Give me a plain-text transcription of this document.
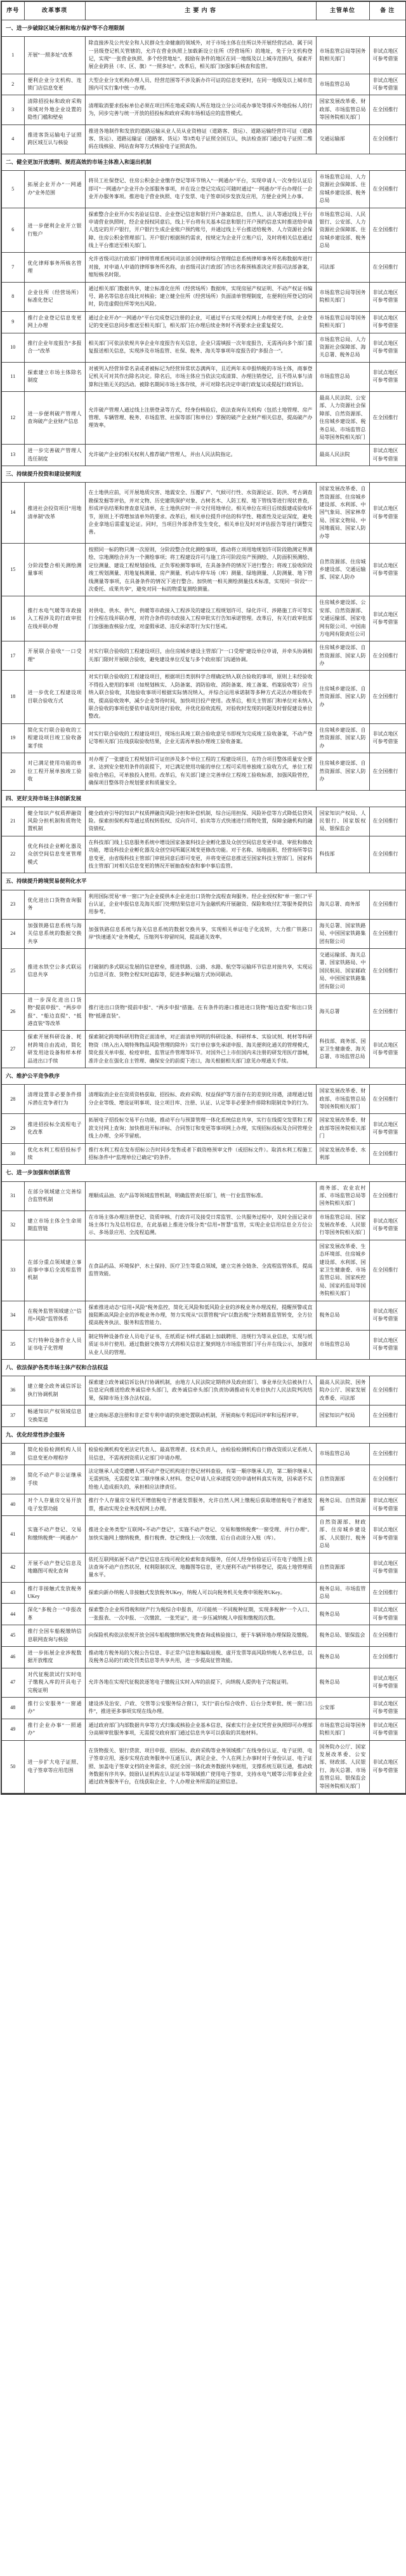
序号	改革事项	主 要 内 容	主管单位	备 注
一、进一步破除区域分割和地方保护等不合理限制				
1	开展“一照多址”改革	除直接涉及公共安全和人民群众生命健康的领域外，对于市场主体在住所以外开展经营活动、属于同一县级登记机关管辖的，允许在营业执照上加载新设立住所（经营场所）的地址，免于分支机构登记，实现“一张营业执照、多个经营地址”。鼓励有条件的地区在同一地级及以上城市范围内，探索开展企业跨县（市、区、旗）“一照多址”。改革后，相关部门加强事后核查和监管。	市场监管总局等国务院相关部门	非试点地区可参考借鉴
2	便利企业分支机构、连锁门店信息变更	大型企业分支机构办理人员、经营范围等不涉及新办许可证的信息变更时，在同一地级及以上城市范围内可实行集中统一办理。	市场监管总局	非试点地区可参考借鉴
3	清除招投标和政府采购领域对外地企业设置的隐性门槛和壁垒	清理取消要求投标单位必须在项目所在地或采购人所在地设立分公司或办事处等排斥外地投标人的行为，同步完善与统一开放的招投标和政府采购市场相适应的监管模式。	国家发展改革委、财政部、市场监管总局等国务院相关部门	在全国推行
4	推进客货运输电子证照跨区域互认与核验	推进各地制作和发放的道路运输从业人员从业资格证（道路客、货运）、道路运输经营许可证（道路客、货运）、道路运输证（道路客、货运）等3类电子证照全国互认，执法检查部门通过电子证照二维码在线核验、网站查询等方式核验电子证照真伪。	交通运输部	在全国推行
二、健全更加开放透明、规范高效的市场主体准入和退出机制				
5	拓展企业开办“一网通办”业务范围	将员工社保登记、住房公积金企业缴存登记等环节纳入“一网通办”平台，实现申请人一次身份认证后即可“一网通办”企业开办全部服务事项，并在设立登记完成后可随时通过“一网通办”平台办理任一企业开办服务事项。推进电子营业执照、电子发票、电子签章同步发放及应用，方便企业网上办事。	市场监管总局、人力资源社会保障部、住房城乡建设部、税务总局	在全国推行
6	进一步便利企业开立银行账户	探索整合企业开办实名验证信息、企业登记信息和银行开户备案信息，自然人、法人等通过线上平台申请营业执照时，经企业授权同意后，线上平台将有关基本信息和银行开户预约信息实时推送给申请人选定的开户银行，开户银行生成企业账户预约账号，并通过线上平台推送给税务、人力资源社会保障、住房公积金管理部门。开户银行根据预约需求，按规定为企业开立账户后，及时将相关信息通过线上平台推送至相关部门。	市场监管总局、人民银行、公安部、人力资源社会保障部、住房城乡建设部、税务总局	在全国推行
7	优化律师事务所核名管理	允许省级司法行政部门律师管理系统同司法部全国律师综合管理信息系统律师事务所名称数据库进行对接，对申请人申请的律师事务所名称，由省级司法行政部门作出名称预核准决定并报司法部备案，缩短核名时限。	司法部	在全国推行
8	企业住所（经营场所）标准化登记	通过相关部门数据共享，建立标准化住所（经营场所）数据库，实现房屋产权证明、不动产权证书编号、路名等信息在线比对核验；建立健全住所（经营场所）负面清单管理制度，在便利住所登记的同时，防范虚假住所等突出风险。	市场监管总局等国务院相关部门	非试点地区可参考借鉴
9	推行企业登记信息变更网上办理	通过企业开办“一网通办”平台完成登记注册的企业，可通过平台实现全程网上办理变更手续，企业登记的变更信息同步推送至相关部门，相关部门在办理后续业务时不再要求企业重复提交。	市场监管总局等国务院相关部门	非试点地区可参考借鉴
10	推行企业年度报告“多报合一”改革	相关部门可依法依规共享企业年度报告有关信息，企业只需填报一次年度报告，无需再向多个部门重复报送相关信息，实现涉及市场监管、社保、税务、海关等事项年度报告的“多报合一”。	市场监管总局、人力资源社会保障部、海关总署、税务总局	非试点地区可参考借鉴
11	探索建立市场主体除名制度	对被列入经营异常名录或者被标记为经营异常状态满两年，且近两年未申报纳税的市场主体，商事登记机关可对其作出除名决定。除名后，市场主体应当依法完成清算、办理注销登记，且不得从事与清算和注销无关的活动。被除名期间市场主体存续，并可对除名决定申请行政复议或提起行政诉讼。	市场监管总局	非试点地区可参考借鉴
12	进一步便利破产管理人查询破产企业财产信息	允许破产管理人通过线上注册登录等方式，经身份核验后，依法查询有关机构（包括土地管理、房产管理、车辆管理、税务、市场监管、社保等部门和单位）掌握的破产企业财产相关信息，提高破产办理效率。	最高人民法院、公安部、人力资源社会保障部、自然资源部、住房城乡建设部、税务总局、市场监管总局等国务院相关部门	在全国推行
13	进一步完善破产管理人选任制度	允许破产企业的相关权利人推荐破产管理人，并由人民法院指定。	最高人民法院	非试点地区可参考借鉴
三、持续提升投资和建设便利度				
14	推进社会投资项目“用地清单制”改革	在土地供应前，可开展地质灾害、地震安全、压覆矿产、气候可行性、水资源论证、防洪、考古调查勘探发掘等评估，并对文物、历史建筑保护对象、古树名木、人防工程、地下管线等进行现状普查，形成评估结果和普查意见清单，在土地供应时一并交付用地单位。相关单位在项目后续报建或验收环节，原则上不得增加清单外的要求。改革后，相关单位提升评估的科学性、精准性及论证深度，避免企业拿地后需重复论证。同时，当项目外部条件发生变化，相关单位及时对评估报告等进行调整完善。	国家发展改革委、自然资源部、住房城乡建设部、水利部、中国气象局、国家林草局、国家文物局、中国地震局、国家人防办等	非试点地区可参考借鉴
15	分阶段整合相关测绘测量事项	按照同一标的物只测一次原则，分阶段整合优化测绘事项，推动将立项用地规划许可阶段勘测定界测绘、宗地测绘合并为一个测绘事项；将工程建设许可与施工许可阶段房产预测绘、人防面积预测绘、定位测量、建设工程规划验线、正负零检测等事项，在具备条件的情况下进行整合；将竣工验收阶段竣工规划测量、用地复核测量、房产测量、机动车停车场（库）测量、绿地测量、人防测量、地下管线测量等事项，在具备条件的情况下进行整合。加快统一相关测绘测量技术标准，实现同一阶段“一次委托、成果共享”，避免对同一标的物重复测绘测量。	自然资源部、住房城乡建设部、交通运输部、国家人防办	非试点地区可参考借鉴
16	推行水电气暖等市政接入工程涉及的行政审批在线并联办理	对供电、供水、供气、供暖等市政接入工程涉及的建设工程规划许可、绿化许可、涉路施工许可等实行全程在线并联办理，对符合条件的市政接入工程审批实行告知承诺管理。改革后，有关行政审批部门加强抽查核验力度，对虚假承诺、违反承诺等行为实行惩戒。	住房城乡建设部、公安部、自然资源部、交通运输部、国家电网有限公司、中国南方电网有限责任公司	非试点地区可参考借鉴
17	开展联合验收“一口受理”	对实行联合验收的工程建设项目，由住房城乡建设主管部门“一口受理”建设单位申请，并牵头协调相关部门限时开展联合验收，避免建设单位反复与多个政府部门沟通协调。	住房城乡建设部、自然资源部、国家人防办	在全国推行
18	进一步优化工程建设项目联合验收方式	对实行联合验收的工程建设项目，根据项目类别科学合理确定纳入联合验收的事项，原则上未经验收不得投入使用的事项（如规划核实、人防备案、消防验收、消防备案、竣工备案、档案验收等）应当纳入联合验收，其他验收事项可根据实际情况纳入，并综合运用承诺制等多种方式灵活办理验收手续，提高验收效率，减少企业等待时间，加快项目投产使用。改革后，相关主管部门和单位对未纳入联合验收的事项也要依申请及时进行验收，并优化验收流程，对验收时发现的问题及时督促建设单位整改。	住房城乡建设部、自然资源部、国家人防办	在全国推行
19	简化实行联合验收的工程建设项目竣工验收备案手续	对实行联合验收的工程建设项目，现场出具竣工联合验收意见书即视为完成竣工验收备案，不动产登记等相关部门在线获取验收结果，企业无需再单独办理竣工验收备案。	住房城乡建设部、自然资源部、国家人防办	非试点地区可参考借鉴
20	对已满足使用功能的单位工程开展单独竣工验收	对办理了一张建设工程规划许可证但涉及多个单位工程的工程建设项目，在符合项目整体质量安全要求、达到安全使用条件的前提下，对已满足使用功能的单位工程可采用单独竣工验收方式，单位工程验收合格后，可单独投入使用。改革后，有关部门建立完善单位工程竣工验收标准，加强风险管控，确保项目整体符合规划要求和质量安全。	住房城乡建设部、自然资源部、国家人防办	在全国推行
四、更好支持市场主体创新发展				
21	健全知识产权质押融资风险分担机制和质物处置机制	健全政府引导的知识产权质押融资风险分担和补偿机制，综合运用担保、风险补偿等方式降低信贷风险。探索担保机构等通过质权转股权、反向许可、拍卖等方式快速进行质物处置，保障金融机构的融资债权。	国家知识产权局、人民银行、国家版权局、银保监会	在全国推行
22	优化科技企业孵化器及众创空间信息变更管理模式	在科技部门线上信息服务系统中增设国家备案科技企业孵化器及众创空间信息变更申请、审批和修改功能，增设科技企业孵化器及众创空间所属区域变更修改功能。对于名称、场地面积、经营场所等信息变更，由省级科技主管部门审批同意后即可变更，并将变更信息推送至国家科技主管部门。国家科技主管部门对相关信息变更的情况开展抽查检查和事中事后监管。	科技部	在全国推行
五、持续提升跨境贸易便利化水平				
23	优化进出口货物查询服务	利用国际贸易“单一窗口”为企业提供本企业进出口货物全流程查询服务。经企业授权和“单一窗口”平台认证，企业申报信息及海关部门处理结果信息可为金融机构开展融资、保险和收付汇等服务提供信用参考。	海关总署、商务部	在全国推行
24	加强铁路信息系统与海关信息系统的数据交换共享	加强铁路信息系统与海关信息系统的数据交换共享，实现相关单证电子化流转，大力推广铁路口岸“快速通关”业务模式，压缩列车停留时间，提高通关效率。	海关总署、国家铁路局、中国国家铁路集团有限公司	在全国推行
25	推进水铁空公多式联运信息共享	打破制约多式联运发展的信息壁垒，推进铁路、公路、水路、航空等运输环节信息对接共享，实现运力信息可查、货物全程实时追踪等，促进多种运输方式协同联动。	交通运输部、海关总署、国家铁路局、中国民航局、国家邮政局、中国国家铁路集团有限公司	在全国推行
26	进一步深化进出口货物“提前申报”、“两步申报”、“船边直提”、“抵港直装”等改革	推行进出口货物“提前申报”、“两步申报”措施。在有条件的港口推进进口货物“船边直提”和出口货物“抵港直装”。	海关总署	在全国推行
27	探索开展科研设备、耗材跨境自由流动，简化研发用途设备和样本样品进出口手续	探索制定跨境科研用物资正面清单，对正面清单列明的科研设备、科研样本、实验试剂、耗材等科研物资（纳入出入境特殊物品风险管理的除外）实行单位事先承诺申报、海关便利化通关的管理模式，简化报关单申报、检疫审批、监管证件管理等环节。对国外已上市但国内未注册的研发用医疗器械，准许企业在强化自主管理、确保安全的前提下进口，海关根据相关部门意见办理通关手续。	科技部、商务部、国家卫生健康委、海关总署、市场监管总局	非试点地区可参考借鉴
六、维护公平竞争秩序				
28	清理设置非必要条件排斥潜在竞争者行为	清理取消企业在资质资格获取、招投标、政府采购、权益保护等方面存在的差别化待遇，清理通过划分企业等级、增设证明事项、设立项目库、注册、认证、认定等非必要条件排除和限制竞争的行为。	国家发展改革委、财政部、市场监管总局等国务院相关部门	在全国推行
29	推进招投标全流程电子化改革	拓展电子招投标交易平台功能，推动平台与预算管理一体化系统信息共享，实行在线提交发票和工程款支付网上查询；加快推进开标评标、合同签订和变更等事项网上办理，实现招标投标及合同管理全线上办理、全环节留痕。	国家发展改革委、财政部等国务院相关部门	非试点地区可参考借鉴
30	优化水利工程招投标手续	推行水利工程在发布招标公告时同步发售或者下载资格预审文件（或招标文件）。取消水利工程施工招标条件中“监理单位已确定”的条件。	国家发展改革委、水利部	在全国推行
七、进一步加强和创新监管				
31	在部分领域建立完善综合监管机制	理顺成品油、农产品等领域监管机制，明确监管责任部门，统一行业监管标准。	商务部、农业农村部、市场监管总局等国务院相关部门	在全国推行
32	建立市场主体全生命周期监管链	在市场主体办理注册登记、资质审核、行政许可及接受日常监管、公共服务过程中，及时全面记录市场主体行为及信用信息，在此基础上推进分级分类“信用+智慧”监管，实现企业信用信息全方位公示、多场景应用、全流程追溯。	市场监管总局、国家发展改革委、人民银行等国务院相关部门	非试点地区可参考借鉴
33	在部分重点领域建立事前事中事后全流程监管机制	在食品药品、环境保护、水土保持、医疗卫生等重点领域，建立完善全链条、全流程监管体系，提高监管效能。	国家发展改革委、生态环境部、住房城乡建设部、水利部、国家卫生健康委、市场监管总局、国家疾控局、国家药监局等国务院相关部门	在全国推行
34	在税务监管领域建立“信用+风险”监管体系	探索推进动态“信用+风险”税务监控，简化无风险和低风险企业的涉税业务办理流程，提醒预警或直接阻断高风险企业的涉税业务办理，努力实现从“以票管税”向“以数治税”分类精准监管转变，全方位提高税务执法、服务和监管能力。	税务总局	非试点地区可参考借鉴
35	实行特种设备作业人员证书电子化管理	制定特种设备作业人员电子证书，在纸质证书样式基础上加载聘用、违规行为等从业信息，实现与纸质证书并行使用。通过数据交换等方式将相关信息汇聚到地方市场监管部门平台并在线公示，加强对从业人员的管理。	市场监管总局	非试点地区可参考借鉴
八、依法保护各类市场主体产权和合法权益				
36	建立健全政务诚信诉讼执行协调机制	探索建立政务诚信诉讼执行协调机制，由地方人民法院定期将涉及政府部门、事业单位失信被执行人信息定向推送给政务诚信牵头部门，政务诚信牵头部门负责协调推动有关单位执行人民法院判决结果，保障市场主体合法权益。	最高人民法院、国务院办公厅、国家发展改革委、司法部	在全国推行
37	畅通知识产权领域信息交换渠道	建立商标恶意注册和非正常专利申请的快速处置联动机制，开展商标专利巡回评审和远程评审。	国家知识产权局	在全国推行
九、优化经常性涉企服务				
38	简化检验检测机构人员信息变更办理程序	检验检测机构变更法定代表人、最高管理者、技术负责人，由检验检测机构自行修改资质认定系统人员信息，不需再到资质认定部门申请办理。	市场监管总局	在全国推行
39	简化不动产非公证继承手续	法定继承人或受遗赠人到不动产登记机构进行登记材料查验，有第一顺序继承人的，第二顺序继承人无需到场，无需提交第二顺序继承人材料。登记申请人应承诺提交的申请材料真实有效，因承诺不实给他人造成损失的，承担相应法律责任。	自然资源部	在全国推行
40	对个人存量房交易开放电子发票功能	推行个人存量房交易代开增值税电子普通发票服务，允许自然人网上缴税后获取增值税电子普通发票，推动实现全业务流程网上办理。	税务总局、自然资源部	非试点地区可参考借鉴
41	实施不动产登记、交易和缴纳税费“一网通办”	推进全业务类型“互联网+不动产登记”，实施不动产登记、交易和缴纳税费“一窗受理、并行办理”。加快实施网上缴纳税费，推行税费、登记费线上一次收缴、后台自动清分入账（库）。	自然资源部、财政部、住房城乡建设部、人民银行、税务总局	非试点地区可参考借鉴
42	开展不动产登记信息及地籍图可视化查询	依托互联网拓展不动产登记信息在线可视化检索和查询服务，任何人经身份验证后可在电子地图上依法查询不动产自然状况、权利限制状况、地籍图等信息，更大便利不动产转移登记，提高土地管理质量水平。	自然资源部	非试点地区可参考借鉴
43	推行非接触式发放税务UKey	探索向新办纳税人非接触式发放税务UKey，纳税人可以向税务机关免费申领税务UKey。	税务总局、市场监管总局	在全国推行
44	深化“多税合一”申报改革	探索整合企业所得税和财产行为税综合申报表，尽可能统一不同税种征期，实现多税种“一个入口、一张报表、一次申报、一次缴款、一张凭证”，进一步压减纳税人申报和缴税的次数。	税务总局	非试点地区可参考借鉴
45	推行全国车船税缴纳信息联网查询与核验	向保险机构依法依规开放全国车船税缴纳情况免费查询或核验接口，便于车辆异地办理保险及缴税。	税务总局、银保监会	在全国推行
46	进一步拓展企业涉税数据开放维度	推动地方税务局的欠税公告信息、非正常户信息和骗取退税、虚开发票等高风险纳税人名单信息，以及税务总局的行政处罚类信息等共享共用，进一步提高征管效能。	税务总局	在全国推行
47	对代征税款试行实时电子缴税入库的开具电子完税证明	允许各地在实现代征税款逐笔电子缴税且实时入库的前提下，向纳税人提供电子完税证明。	税务总局	非试点地区可参考借鉴
48	推行公安服务“一窗通办”	建设涉及治安、户政、交管等公安服务综合窗口，实行“前台综合收件、后台分类审批、统一窗口出件”，推进更多事项实现在线办理。	公安部	非试点地区可参考借鉴
49	推行企业办事“一照通办”	通过政府部门内部数据共享等方式归集或核验企业基本信息，探索实行企业仅凭营业执照即可办理部分高频审批服务事项，无需提交政府部门通过信息共享可以获取的其他材料。	市场监管总局等国务院相关部门	非试点地区可参考借鉴
50	进一步扩大电子证照、电子签章等应用范围	在货物报关、银行贷款、项目申报、招投标、政府采购等业务领域推广在线身份认证、电子证照、电子签章应用，逐步实现在政务服务中互通互认，满足企业、个人在网上办事时对于身份认证、电子证照、加盖电子签章文档的业务需求，依托全国一体化政务数据共享枢纽，支撑系统互联互通，推动政务数据有序共享。鼓励认证机构在认证证书等领域推广使用电子签章，支持水电气暖等公用事业企业通过政务服务平台，在线获取企业、个人办理业务所需的证照信息。	国务院办公厅、国家发展改革委、公安部、财政部、人民银行、海关总署、市场监管总局、银保监会等国务院相关部门	非试点地区可参考借鉴
